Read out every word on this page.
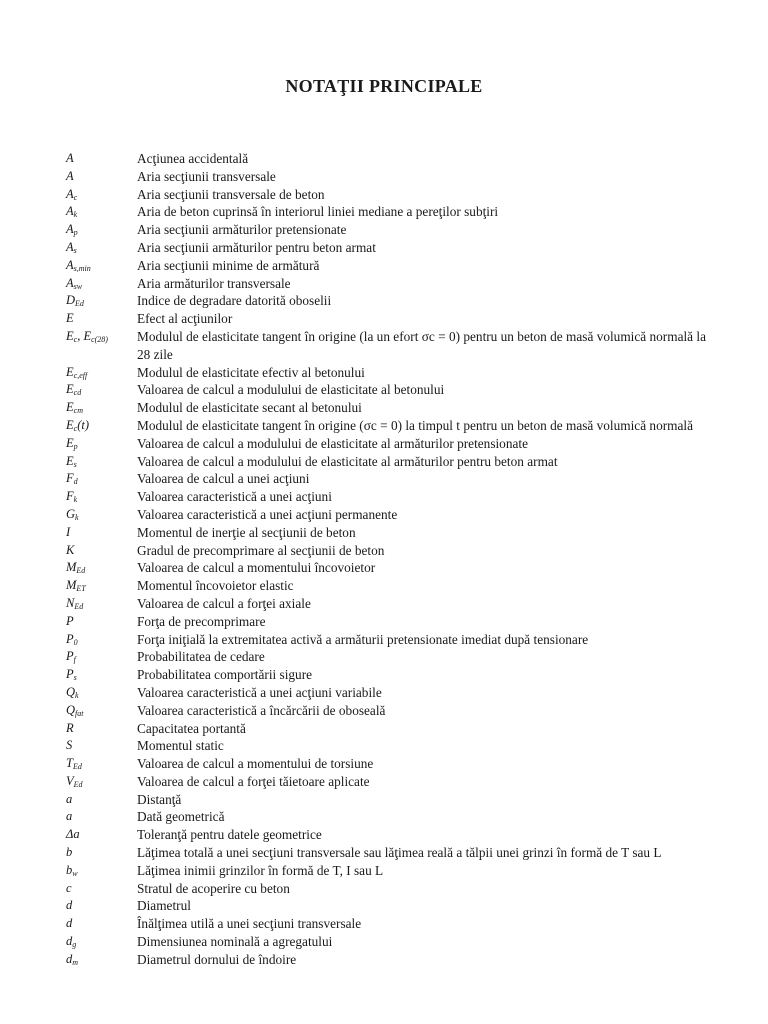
NOTAŢII PRINCIPALE
A	Acţiunea accidentală
A	Aria secţiunii transversale
$A_c$	Aria secţiunii transversale de beton
$A_k$	Aria de beton cuprinsă în interiorul liniei mediane a pereţilor subţiri
$A_p$	Aria secţiunii armăturilor pretensionate
$A_s$	Aria secţiunii armăturilor pentru beton armat
$A_{s,min}$	Aria secţiunii minime de armătură
$A_{sw}$	Aria armăturilor transversale
$D_{Ed}$	Indice de degradare datorită oboselii
E	Efect al acţiunilor
$E_c$, $E_{c(28)}$	Modulul de elasticitate tangent în origine (la un efort σc = 0) pentru un beton de masă volumică normală la 28 zile
$E_{c,eff}$	Modulul de elasticitate efectiv al betonului
$E_{cd}$	Valoarea de calcul a modulului de elasticitate al betonului
$E_{cm}$	Modulul de elasticitate secant al betonului
$E_c(t)$	Modulul de elasticitate tangent în origine (σc = 0) la timpul t pentru un beton de masă volumică normală
$E_p$	Valoarea de calcul a modulului de elasticitate al armăturilor pretensionate
$E_s$	Valoarea de calcul a modulului de elasticitate al armăturilor pentru beton armat
$F_d$	Valoarea de calcul a unei acţiuni
$F_k$	Valoarea caracteristică a unei acţiuni
$G_k$	Valoarea caracteristică a unei acţiuni permanente
I	Momentul de inerţie al secţiunii de beton
K	Gradul de precomprimare al secţiunii de beton
$M_{Ed}$	Valoarea de calcul a momentului încovoietor
$M_{ET}$	Momentul încovoietor elastic
$N_{Ed}$	Valoarea de calcul a forţei axiale
P	Forţa de precomprimare
$P_0$	Forţa iniţială la extremitatea activă a armăturii pretensionate imediat după tensionare
$P_f$	Probabilitatea de cedare
$P_s$	Probabilitatea comportării sigure
$Q_k$	Valoarea caracteristică a unei acţiuni variabile
$Q_{fat}$	Valoarea caracteristică a încărcării de oboseală
R	Capacitatea portantă
S	Momentul static
$T_{Ed}$	Valoarea de calcul a momentului de torsiune
$V_{Ed}$	Valoarea de calcul a forţei tăietoare aplicate
a	Distanţă
a	Dată geometrică
Δa	Toleranţă pentru datele geometrice
b	Lăţimea totală a unei secţiuni transversale sau lăţimea reală a tălpii unei grinzi în formă de T sau L
$b_w$	Lăţimea inimii grinzilor în formă de T, I sau L
c	Stratul de acoperire cu beton
d	Diametrul
d	Înălţimea utilă a unei secţiuni transversale
$d_g$	Dimensiunea nominală a agregatului
$d_m$	Diametrul dornului de îndoire
